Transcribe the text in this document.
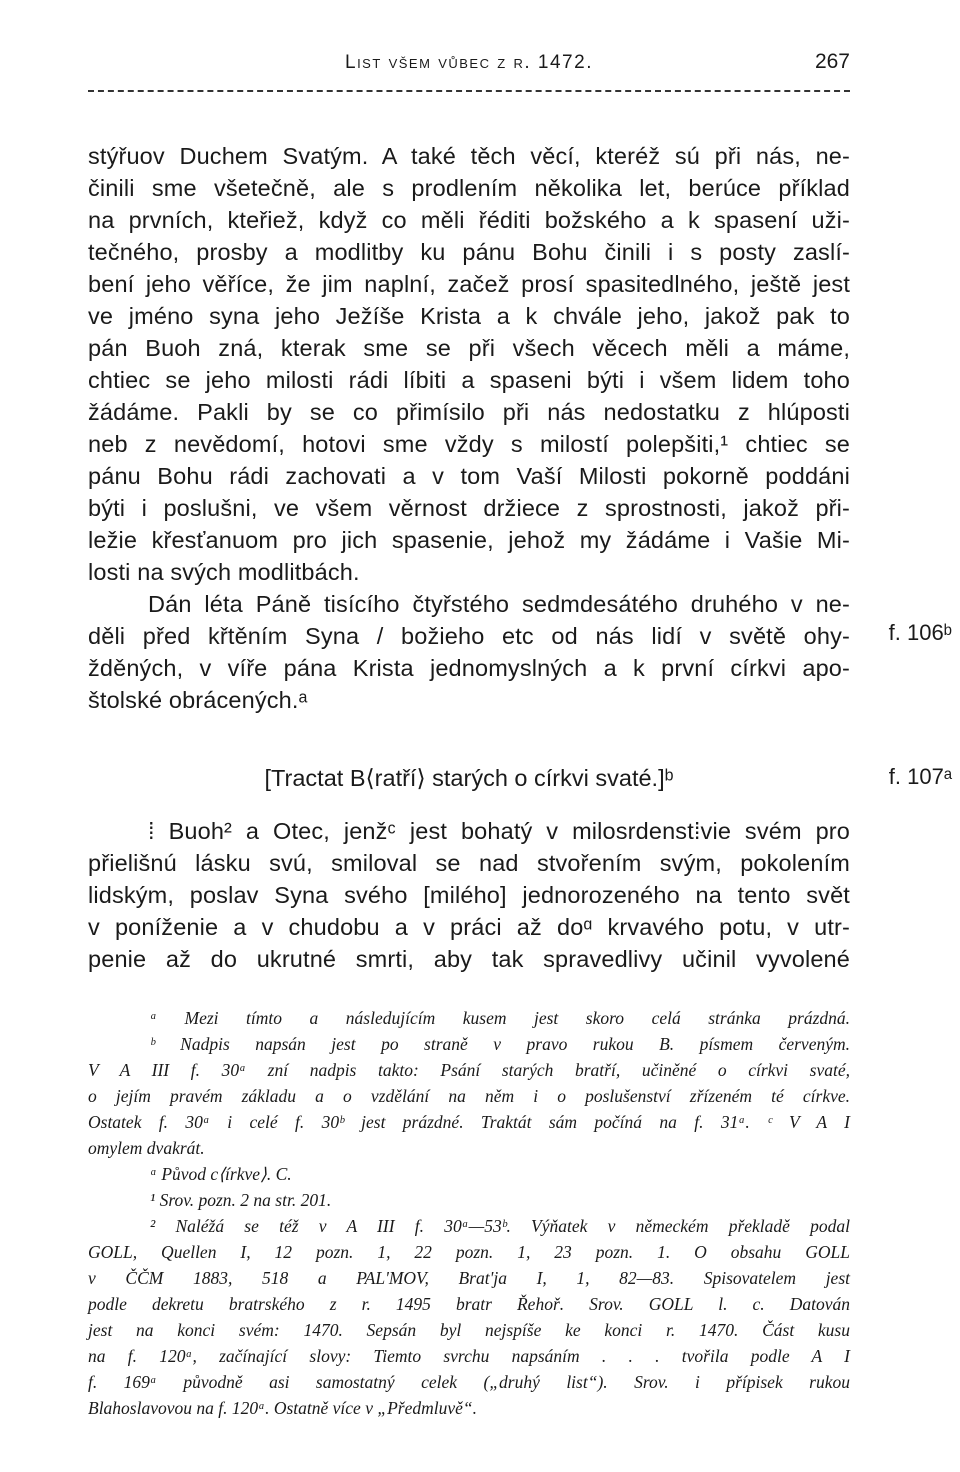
List všem vůbec z r. 1472.	267
stýřuov Duchem Svatým. A také těch věcí, kteréž sú při nás, ne-
činili sme všetečně, ale s prodlením několika let, berúce příklad
na prvních, kteřiež, když co měli řéditi božského a k spasení uži-
tečného, prosby a modlitby ku pánu Bohu činili i s posty zaslí-
bení jeho věříce, že jim naplní, začež prosí spasitedlného, ještě jest
ve jméno syna jeho Ježíše Krista a k chvále jeho, jakož pak to
pán Buoh zná, kterak sme se při všech věcech měli a máme,
chtiec se jeho milosti rádi líbiti a spaseni býti i všem lidem toho
žádáme. Pakli by se co přimísilo při nás nedostatku z hlúposti
neb z nevědomí, hotovi sme vždy s milostí polepšiti,¹ chtiec se
pánu Bohu rádi zachovati a v tom Vaší Milosti pokorně poddáni
býti i poslušni, ve všem věrnost držiece z sprostnosti, jakož při-
ležie křesťanuom pro jich spasenie, jehož my žádáme i Vašie Mi-
losti na svých modlitbách.
Dán léta Páně tisícího čtyřstého sedmdesátého druhého v ne-
děli před křtěním Syna / božieho etc od nás lidí v světě ohy-
žděných, v víře pána Krista jednomyslných a k první církvi apo-
štolské obrácených.ᵃ
f. 106ᵇ
[Tractat B⟨ratří⟩ starých o církvi svaté.]ᵇ	f. 107ᵃ
⁞ Buoh² a Otec, jenžᶜ jest bohatý v milosrdenst⁞vie svém pro
přielišnú lásku svú, smiloval se nad stvořením svým, pokolením
lidským, poslav Syna svého [milého] jednorozeného na tento svět
v poníženie a v chudobu a v práci až doᵅ krvavého potu, v utr-
penie až do ukrutné smrti, aby tak spravedlivy učinil vyvolené
ᵃ Mezi tímto a následujícím kusem jest skoro celá stránka prázdná.
ᵇ Nadpis napsán jest po straně v pravo rukou B. písmem červeným.
V A III f. 30ᵃ zní nadpis takto: Psání starých bratří, učiněné o církvi svaté,
o jejím pravém základu a o vzdělání na něm i o poslušenství zřízeném té církve.
Ostatek f. 30ᵃ i celé f. 30ᵇ jest prázdné. Traktát sám počíná na f. 31ᵃ. ᶜ V A I
omylem dvakrát.
ᵅ Původ c⟨írkve⟩. C.
¹ Srov. pozn. 2 na str. 201.
² Naléžá se též v A III f. 30ᵃ—53ᵇ. Výňatek v německém překladě podal
GOLL, Quellen I, 12 pozn. 1, 22 pozn. 1, 23 pozn. 1. O obsahu GOLL
v ČČM 1883, 518 a PAL'MOV, Brat'ja I, 1, 82—83. Spisovatelem jest
podle dekretu bratrského z r. 1495 bratr Řehoř. Srov. GOLL l. c. Datován
jest na konci svém: 1470. Sepsán byl nejspíše ke konci r. 1470. Část kusu
na f. 120ᵃ, začínající slovy: Tiemto svrchu napsáním . . . tvořila podle A I
f. 169ᵃ původně asi samostatný celek („druhý list“). Srov. i přípisek rukou
Blahoslavovou na f. 120ᵃ. Ostatně více v „Předmluvě“.
